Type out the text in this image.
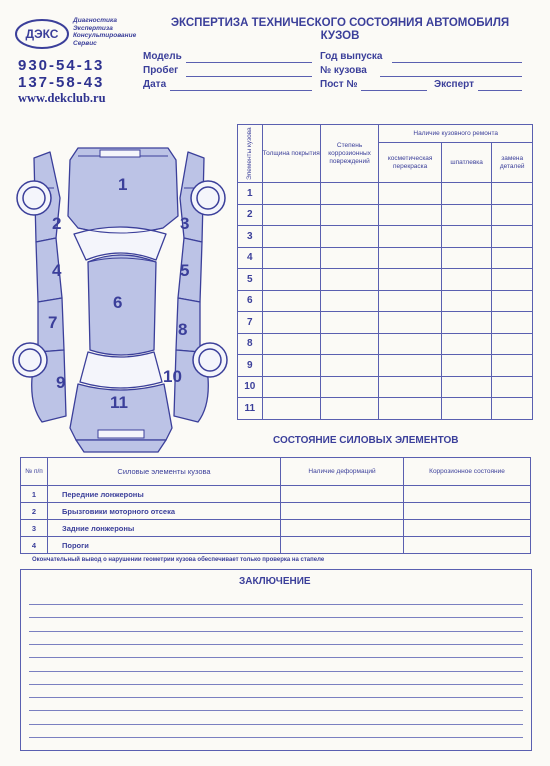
ДЭКС
Диагностика
Экспертиза
Консультирование
Сервис
930-54-13
137-58-43
www.dekclub.ru
ЭКСПЕРТИЗА ТЕХНИЧЕСКОГО СОСТОЯНИЯ АВТОМОБИЛЯ
КУЗОВ
Модель	Год выпуска
Пробег	№ кузова
Дата	Пост №	Эксперт
1
2	3
4	5
6
7	8
9	10
11
Элементы кузова	Толщина покрытия	Степень коррозионных повреждений	Наличие кузовного ремонта		
			косметическая перекраска	шпатлевка	замена деталей
1					
2					
3					
4					
5					
6					
7					
8					
9					
10					
11					
СОСТОЯНИЕ СИЛОВЫХ ЭЛЕМЕНТОВ
№ п/п	Силовые элементы кузова	Наличие деформаций	Коррозионное состояние
1	Передние лонжероны		
2	Брызговики моторного отсека		
3	Задние лонжероны		
4	Пороги		
Окончательный вывод о нарушении геометрии кузова обеспечивает только проверка на стапеле
ЗАКЛЮЧЕНИЕ
